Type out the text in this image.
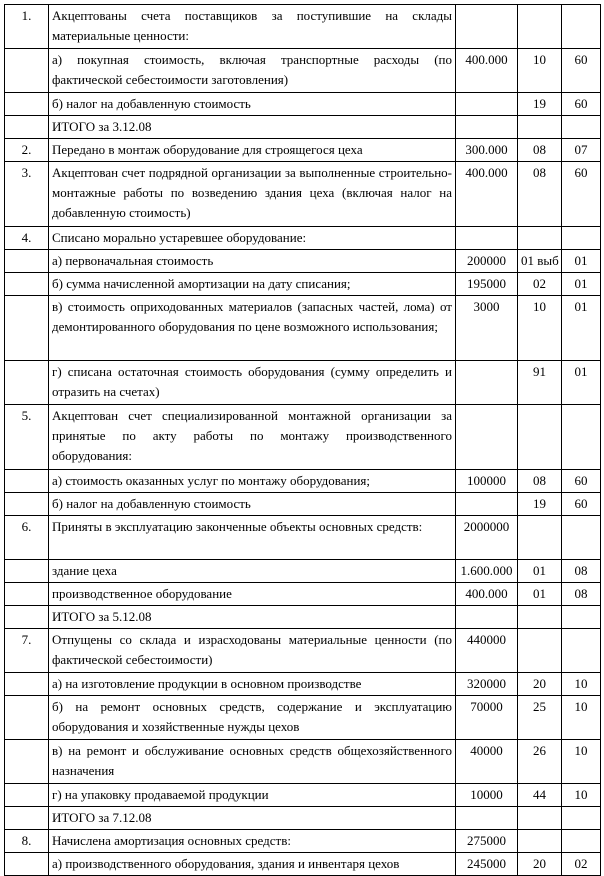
1.	Акцептованы счета поставщиков за поступившие на склады материальные ценности:			
	а) покупная стоимость, включая транспортные расходы (по фактической себестоимости заготовления)	400.000	10	60
	б) налог на добавленную стоимость		19	60
	ИТОГО за 3.12.08			
2.	Передано в монтаж оборудование для строящегося цеха	300.000	08	07
3.	Акцептован счет подрядной организации за выполненные строительно-монтажные работы по возведению здания цеха (включая налог на добавленную стоимость)	400.000	08	60
4.	Списано морально устаревшее оборудование:			
	а) первоначальная стоимость	200000	01 выб	01
	б) сумма начисленной амортизации на дату списания;	195000	02	01
	в) стоимость оприходованных материалов (запасных частей, лома) от демонтированного оборудования по цене возможного использования;	3000	10	01
	г) списана остаточная стоимость оборудования (сумму определить и отразить на счетах)		91	01
5.	Акцептован счет специализированной монтажной организации за принятые по акту работы по монтажу производственного оборудования:			
	а) стоимость оказанных услуг по монтажу оборудования;	100000	08	60
	б) налог на добавленную стоимость		19	60
6.	Приняты в эксплуатацию законченные объекты основных средств:	2000000		
	здание цеха	1.600.000	01	08
	производственное оборудование	400.000	01	08
	ИТОГО за 5.12.08			
7.	Отпущены со склада и израсходованы материальные ценности (по фактической себестоимости)	440000		
	а) на изготовление продукции в основном производстве	320000	20	10
	б) на ремонт основных средств, содержание и эксплуатацию оборудования и хозяйственные нужды цехов	70000	25	10
	в) на ремонт и обслуживание основных средств общехозяйственного назначения	40000	26	10
	г) на упаковку продаваемой продукции	10000	44	10
	ИТОГО за 7.12.08			
8.	Начислена амортизация основных средств:	275000		
	а) производственного оборудования, здания и инвентаря цехов	245000	20	02
